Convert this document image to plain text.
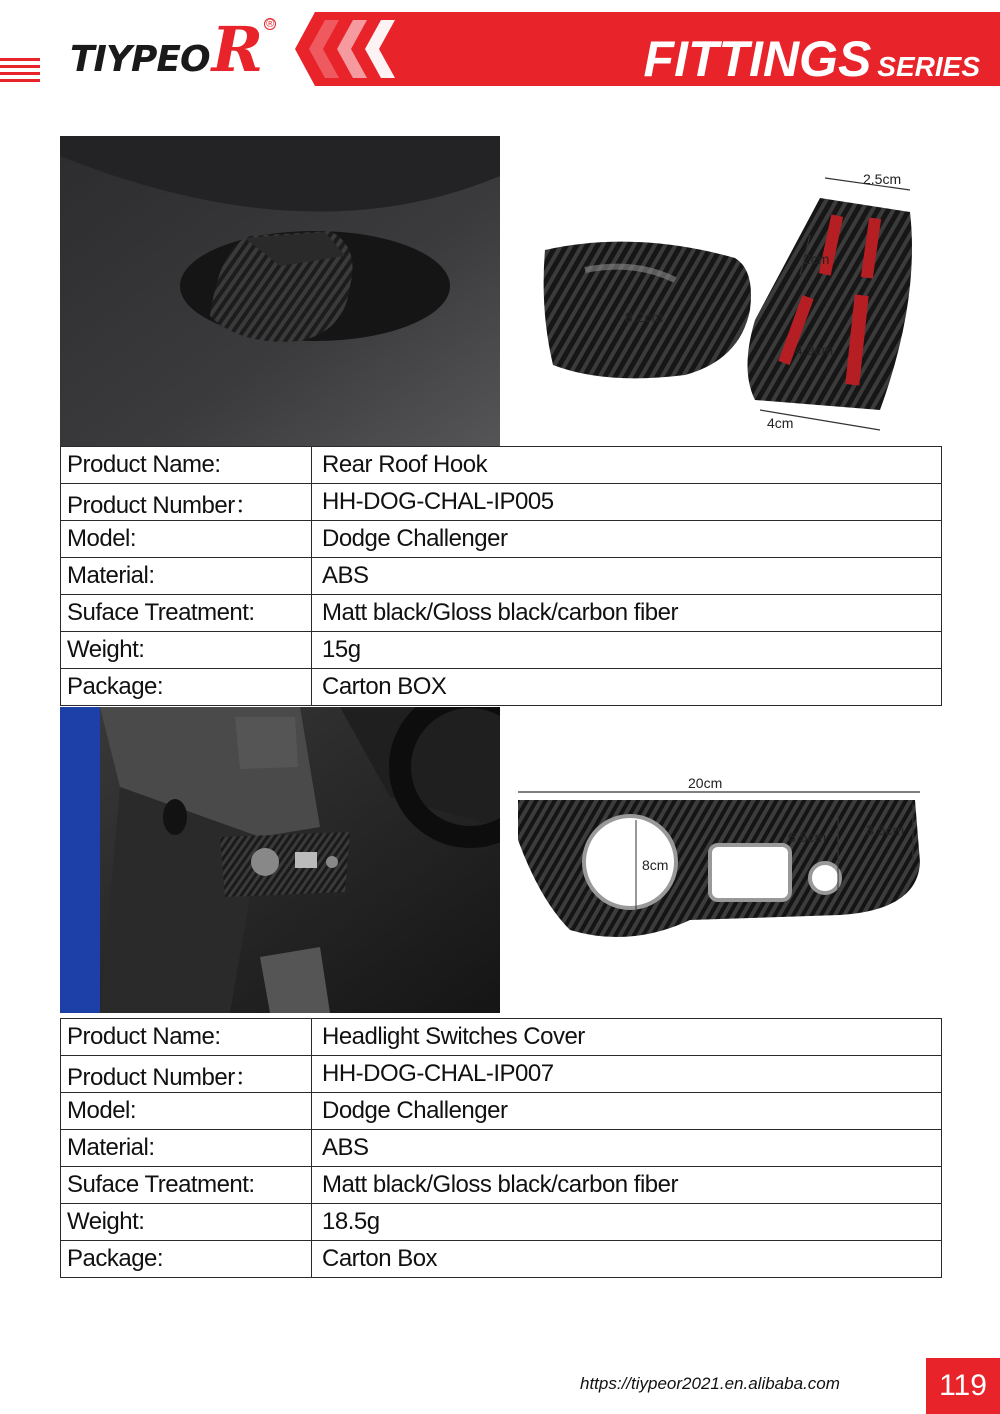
TIYPEO R ®
FITTINGS SERIES
2.5cm
2cm
8.2cm
4.9cm
4cm
Product Name:	Rear Roof Hook
Product Number：	HH-DOG-CHAL-IP005
Model:	Dodge Challenger
Material:	ABS
Suface Treatment:	Matt black/Gloss black/carbon fiber
Weight:	15g
Package:	Carton BOX
20cm
8cm
6.5cm	3.5cm
Product Name:	Headlight Switches Cover
Product Number：	HH-DOG-CHAL-IP007
Model:	Dodge Challenger
Material:	ABS
Suface Treatment:	Matt black/Gloss black/carbon fiber
Weight:	18.5g
Package:	Carton Box
https://tiypeor2021.en.alibaba.com	119
